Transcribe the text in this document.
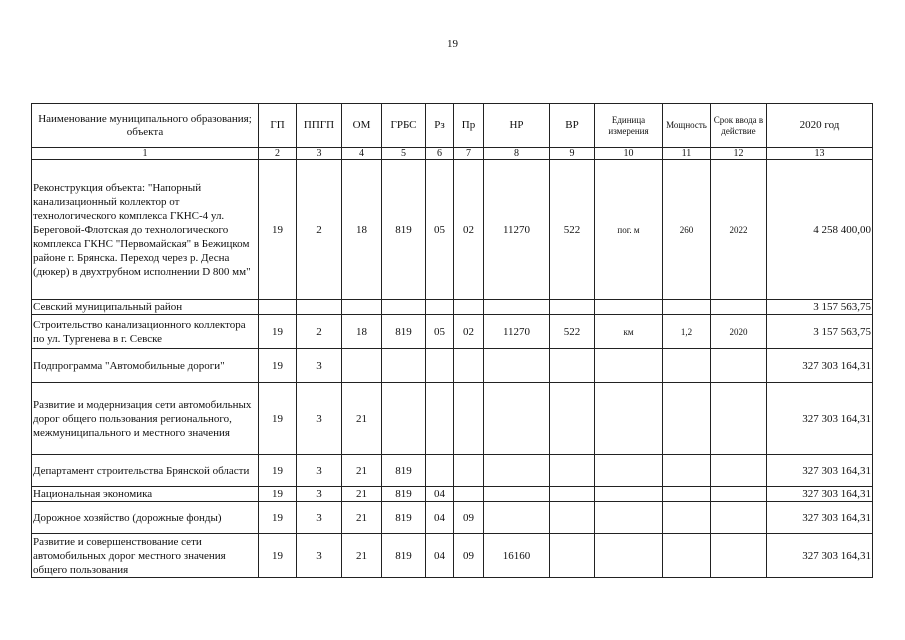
19
Наименование муниципального образования; объекта	ГП	ППГП	ОМ	ГРБС	Рз	Пр	НР	ВР	Единица измерения	Мощность	Срок ввода в действие	2020 год
1	2	3	4	5	6	7	8	9	10	11	12	13
Реконструкция объекта: "Напорный канализационный коллектор от технологического комплекса ГКНС-4 ул. Береговой-Флотская до технологического комплекса ГКНС "Первомайская" в Бежицком районе г. Брянска. Переход через р. Десна (дюкер) в двухтрубном исполнении D 800 мм"	19	2	18	819	05	02	11270	522	пог. м	260	2022	4 258 400,00
Севский муниципальный район												3 157 563,75
Строительство канализационного коллектора по ул. Тургенева в г. Севске	19	2	18	819	05	02	11270	522	км	1,2	2020	3 157 563,75
Подпрограмма "Автомобильные дороги"	19	3										327 303 164,31
Развитие и модернизация сети автомобильных дорог общего пользования регионального, межмуниципального и местного значения	19	3	21									327 303 164,31
Департамент строительства Брянской области	19	3	21	819								327 303 164,31
Национальная экономика	19	3	21	819	04							327 303 164,31
Дорожное хозяйство (дорожные фонды)	19	3	21	819	04	09						327 303 164,31
Развитие и совершенствование сети автомобильных дорог местного значения общего пользования	19	3	21	819	04	09	16160					327 303 164,31
